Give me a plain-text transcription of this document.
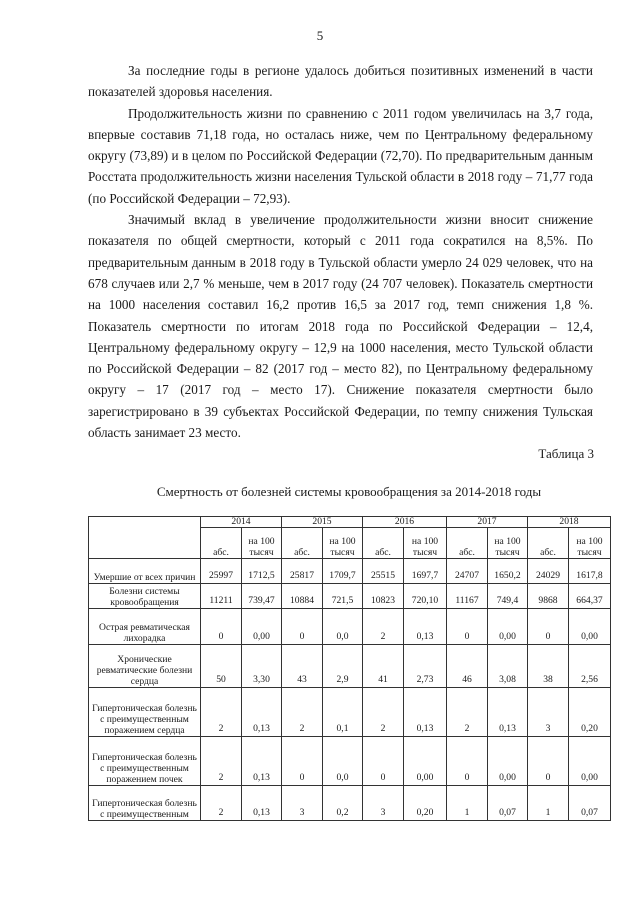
5

За последние годы в регионе удалось добиться позитивных изменений в части показателей здоровья населения.

Продолжительность жизни по сравнению с 2011 годом увеличилась на 3,7 года, впервые составив 71,18 года, но осталась ниже, чем по Центральному федеральному округу (73,89) и в целом по Российской Федерации (72,70). По предварительным данным Росстата продолжительность жизни населения Тульской области в 2018 году – 71,77 года (по Российской Федерации – 72,93).

Значимый вклад в увеличение продолжительности жизни вносит снижение показателя по общей смертности, который с 2011 года сократился на 8,5%. По предварительным данным в 2018 году в Тульской области умерло 24 029 человек, что на 678 случаев или 2,7 % меньше, чем в 2017 году (24 707 человек). Показатель смертности на 1000 населения составил 16,2 против 16,5 за 2017 год, темп снижения 1,8 %. Показатель смертности по итогам 2018 года по Российской Федерации – 12,4, Центральному федеральному округу – 12,9 на 1000 населения, место Тульской области по Российской Федерации – 82 (2017 год – место 82), по Центральному федеральному округу – 17 (2017 год – место 17). Снижение показателя смертности было зарегистрировано в 39 субъектах Российской Федерации, по темпу снижения Тульская область занимает 23 место.

Таблица 3
Смертность от болезней системы кровообращения за 2014-2018 годы
	2014		2015		2016		2017		2018	
	абс.	на 100 тысяч	абс.	на 100 тысяч	абс.	на 100 тысяч	абс.	на 100 тысяч	абс.	на 100 тысяч
Умершие от всех причин	25997	1712,5	25817	1709,7	25515	1697,7	24707	1650,2	24029	1617,8
Болезни системы кровообращения	11211	739,47	10884	721,5	10823	720,10	11167	749,4	9868	664,37
Острая ревматическая лихорадка	0	0,00	0	0,0	2	0,13	0	0,00	0	0,00
Хронические ревматические болезни сердца	50	3,30	43	2,9	41	2,73	46	3,08	38	2,56
Гипертоническая болезнь с преимущественным поражением сердца	2	0,13	2	0,1	2	0,13	2	0,13	3	0,20
Гипертоническая болезнь с преимущественным поражением почек	2	0,13	0	0,0	0	0,00	0	0,00	0	0,00
Гипертоническая болезнь с преимущественным	2	0,13	3	0,2	3	0,20	1	0,07	1	0,07
